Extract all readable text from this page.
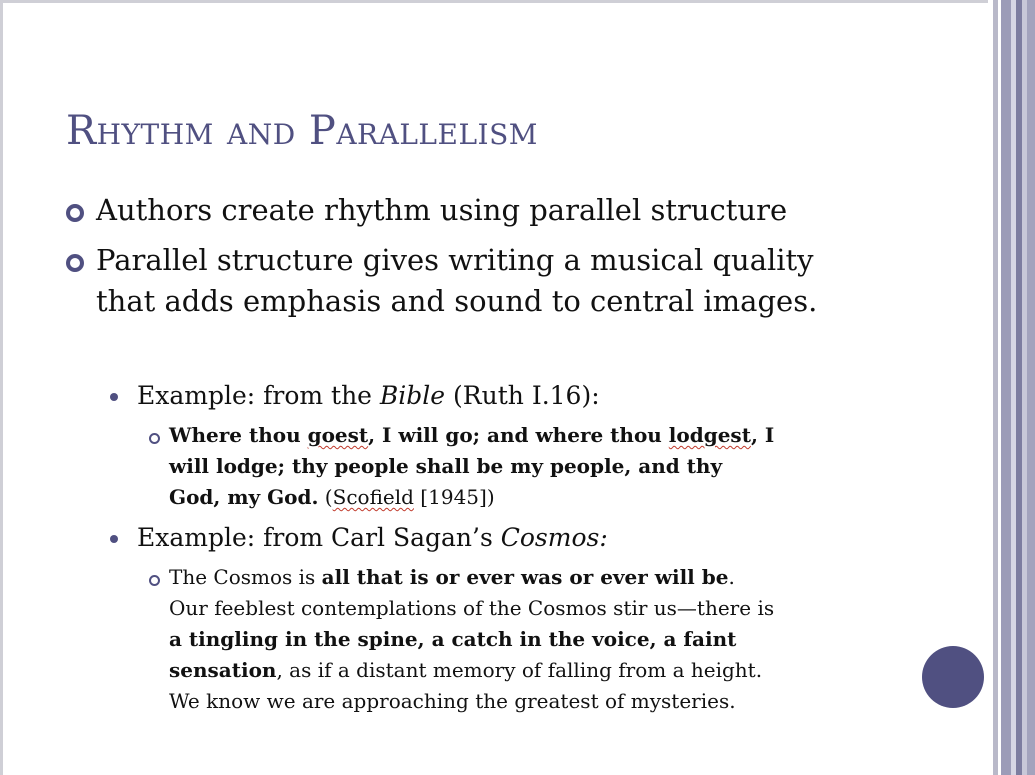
Rhythm and Parallelism
Authors create rhythm using parallel structure
Parallel structure gives writing a musical quality
that adds emphasis and sound to central images.
Example: from the Bible (Ruth I.16):
Where thou goest, I will go; and where thou lodgest, I
will lodge; thy people shall be my people, and thy
God, my God. (Scofield [1945])
Example: from Carl Sagan’s Cosmos:
The Cosmos is all that is or ever was or ever will be.
Our feeblest contemplations of the Cosmos stir us—there is
a tingling in the spine, a catch in the voice, a faint
sensation, as if a distant memory of falling from a height.
We know we are approaching the greatest of mysteries.
